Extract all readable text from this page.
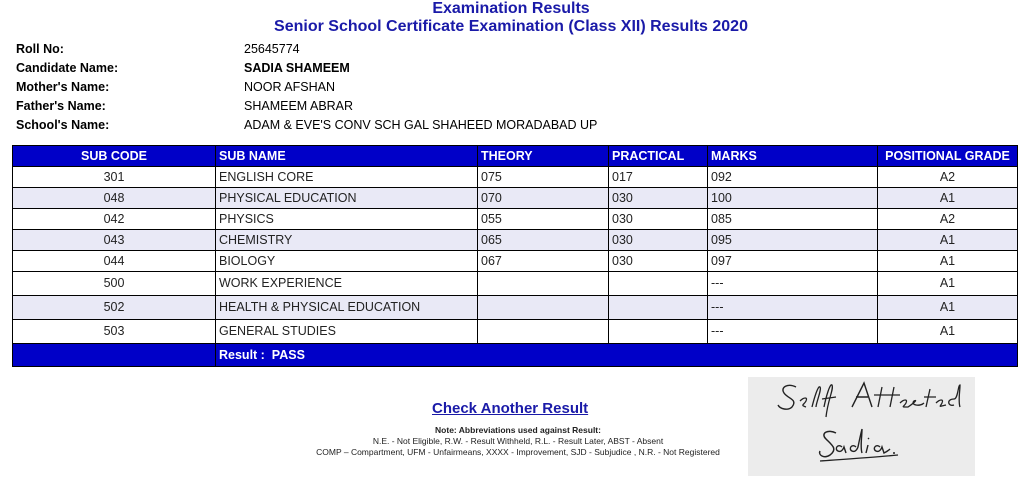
Examination Results
Senior School Certificate Examination (Class XII) Results 2020
Roll No:	25645774
Candidate Name:	SADIA SHAMEEM
Mother's Name:	NOOR AFSHAN
Father's Name:	SHAMEEM ABRAR
School's Name:	ADAM & EVE'S CONV SCH GAL SHAHEED MORADABAD UP
SUB CODE	SUB NAME	THEORY	PRACTICAL	MARKS	POSITIONAL GRADE
301	ENGLISH CORE	075	017	092	A2
048	PHYSICAL EDUCATION	070	030	100	A1
042	PHYSICS	055	030	085	A2
043	CHEMISTRY	065	030	095	A1
044	BIOLOGY	067	030	097	A1
500	WORK EXPERIENCE			---	A1
502	HEALTH & PHYSICAL EDUCATION			---	A1
503	GENERAL STUDIES			---	A1
	Result : PASS				
Check Another Result
Note: Abbreviations used against Result:
N.E. - Not Eligible, R.W. - Result Withheld, R.L. - Result Later, ABST - Absent
COMP – Compartment, UFM - Unfairmeans, XXXX - Improvement, SJD - Subjudice , N.R. - Not Registered
